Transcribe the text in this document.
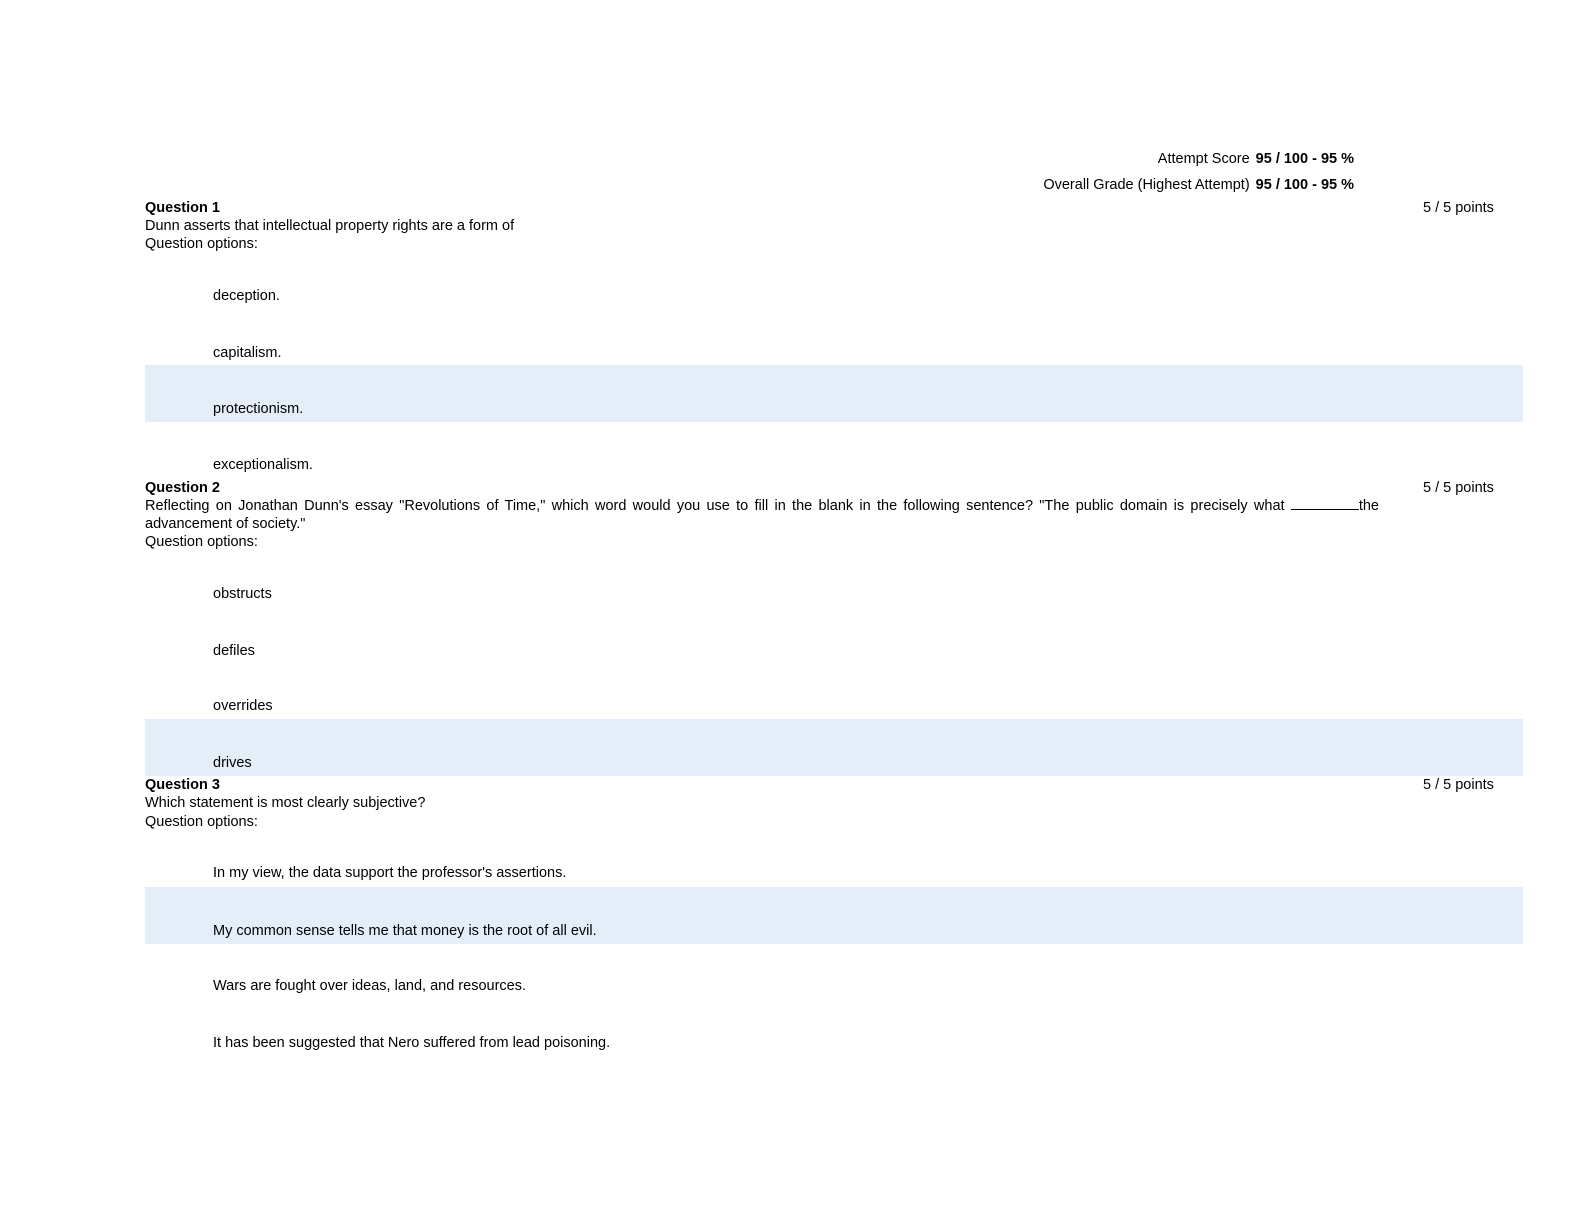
Attempt Score 95 / 100 - 95 %
Overall Grade (Highest Attempt) 95 / 100 - 95 %
Question 1	5 / 5 points
Dunn asserts that intellectual property rights are a form of
Question options:
deception.
capitalism.
protectionism.
exceptionalism.
Question 2	5 / 5 points
Reflecting on Jonathan Dunn's essay "Revolutions of Time," which word would you use to fill in the blank in the following sentence? "The public domain is precisely what	the advancement of society."
Question options:
obstructs
defiles
overrides
drives
Question 3	5 / 5 points
Which statement is most clearly subjective?
Question options:
In my view, the data support the professor's assertions.
My common sense tells me that money is the root of all evil.
Wars are fought over ideas, land, and resources.
It has been suggested that Nero suffered from lead poisoning.
